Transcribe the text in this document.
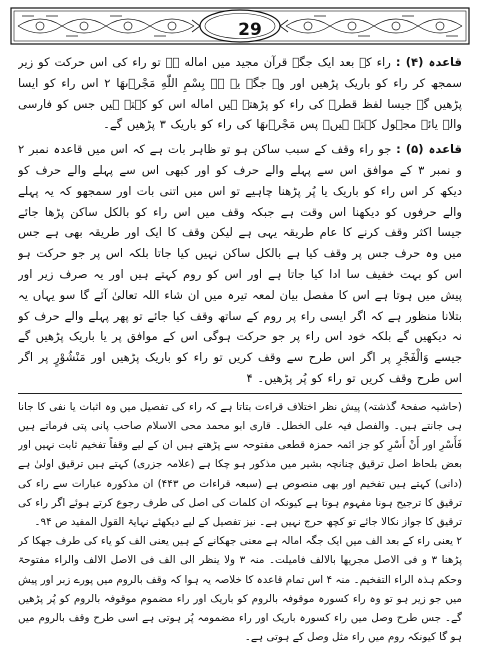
29

قاعدہ (۴) : راء کے بعد ایک جگہ قرآن مجید میں اماله ہے تو راء کی اس حرکت کو زیر سمجھ کر راء کو باریک پڑھیں اور وہ جگہ یہ ہے بِسْمِ اللّٰهِ مَجْرٖىهَا ۲ اس راء کو ایسا پڑھیں گے جیسا لفظ قطرے کی راء کو پڑھتے ہیں اماله اس کو کہتے ہیں جس کو فارسی والے یائے مجہول کہتے ہیں۔ پس مَجْرٖىهَا کی راء کو باریک ۳ پڑھیں گے۔

قاعدہ (۵) : جو راء وقف کے سبب ساکن ہو تو ظاہر بات ہے کہ اس میں قاعدہ نمبر ۲ و نمبر ۳ کے موافق اس سے پہلے والے حرف کو اور کبھی اس سے پہلے والے حرف کو دیکھ کر اس راء کو باریک یا پُر پڑھنا چاہیے تو اس میں اتنی بات اور سمجھو کہ یہ پہلے والے حرفوں کو دیکھنا اس وقت ہے جبکہ وقف میں اس راء کو بالکل ساکن پڑھا جائے جیسا اکثر وقف کرنے کا عام طریقہ یہی ہے لیکن وقف کا ایک اور طریقہ بھی ہے جس میں وہ حرف جس پر وقف کیا ہے بالکل ساکن نہیں کیا جاتا بلکہ اس پر جو حرکت ہو اس کو بہت خفیف سا ادا کیا جاتا ہے اور اس کو روم کہتے ہیں اور یہ صرف زیر اور پیش میں ہوتا ہے اس کا مفصل بیان لمعہ تیرہ میں ان شاء اللہ تعالیٰ آئے گا سو یہاں یہ بتلانا منظور ہے کہ اگر ایسی راء پر روم کے ساتھ وقف کیا جائے تو پھر پہلے والے حرف کو نہ دیکھیں گے بلکہ خود اس راء پر جو حرکت ہوگی اس کے موافق پر یا باریک پڑھیں گے جیسے وَالْفَجْرِ پر اگر اس طرح سے وقف کریں تو راء کو باریک پڑھیں اور مَنْشُوْرٍ پر اگر اس طرح وقف کریں تو راء کو پُر پڑھیں۔ ۴

(حاشیہ صفحۂ گذشتہ) پیش نظر اختلاف قراءت بتاتا ہے کہ راء کی تفصیل میں وہ اثبات یا نفی کا جانا ہی جانتے ہیں۔ والفصل فیہ علی الخطل۔ قاری ابو محمد محی الاسلام صاحب پانی پتی فرماتے ہیں فَأَسْرِ اور أَنْ أَسْرِ کو جز ائمہ حمزہ قطعی مفتوحہ سے پڑھتے ہیں ان کے لیے وقفاً تفخیم ثابت نہیں اور بعض بلحاظ اصل ترقیق چنانچہ بشیر میں مذکور ہو چکا ہے (علامہ جزری) کہتے ہیں ترقیق اولیٰ ہے (دانی) کہتے ہیں تفخیم اور بھی منصوص ہے (سبعہ قراءات ص ۴۴۳) ان مذکورہ عبارات سے راء کی ترقیق کا ترجیح ہونا مفہوم ہوتا ہے کیونکہ ان کلمات کی اصل کی طرف رجوع کرتے ہوئے اگر راء کی ترقیق کا جواز نکالا جائے تو کچھ حرج نہیں ہے۔ نیز تفصیل کے لیے دیکھئے نہایۃ القول المفید ص ۹۴۔

۲ یعنی راء کے بعد الف میں ایک جگہ امالہ ہے معنی جھکانے کے ہیں یعنی الف کو یاء کی طرف جھکا کر پڑھنا ۳ و فی الاصل مجریھا بالالف فامیلت۔ منہ ۳ ولا ینظر الی الف فی الاصل الالف والراء مفتوحۃ وحکم ہذہ الراء التفخیم۔ منہ ۴ اس تمام قاعدہ کا خلاصہ یہ ہوا کہ وقف بالروم میں پورے زبر اور پیش میں جو زیر ہو تو وہ راء کسورہ موقوفہ بالروم کو باریک اور راء مضموم موقوفہ بالروم کو پُر پڑھیں گے۔ جس طرح وصل میں راء کسورہ باریک اور راء مضمومہ پُر ہوتی ہے اسی طرح وقف بالروم میں ہو گا کیونکہ روم میں راء مثل وصل کے ہوتی ہے۔
